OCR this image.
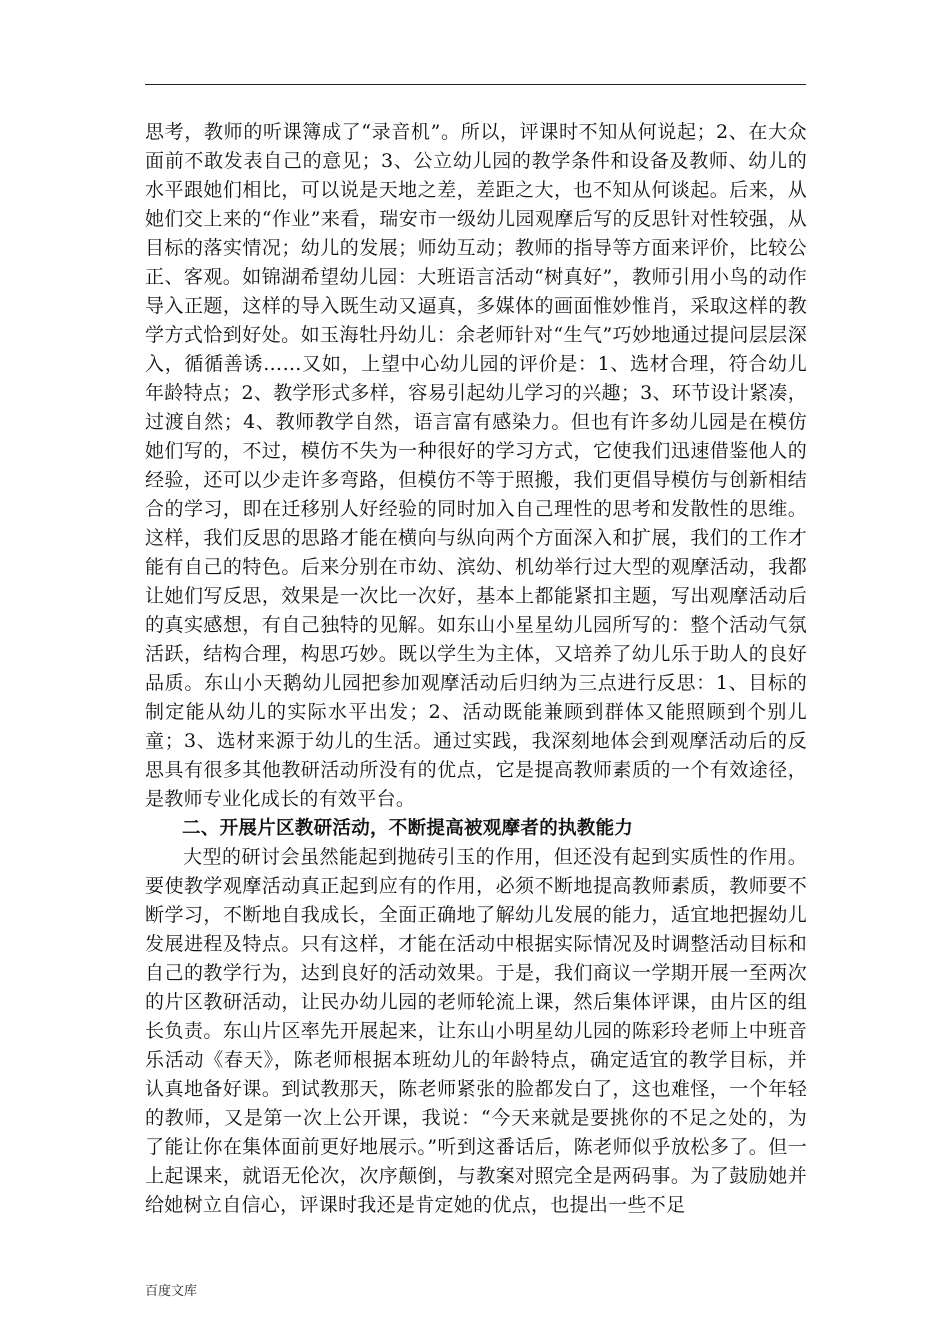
思考，教师的听课簿成了“录音机”。所以，评课时不知从何说起；2、在大众面前不敢发表自己的意见；3、公立幼儿园的教学条件和设备及教师、幼儿的水平跟她们相比，可以说是天地之差，差距之大，也不知从何谈起。后来，从她们交上来的“作业”来看，瑞安市一级幼儿园观摩后写的反思针对性较强，从目标的落实情况；幼儿的发展；师幼互动；教师的指导等方面来评价，比较公正、客观。如锦湖希望幼儿园：大班语言活动“树真好”，教师引用小鸟的动作导入正题，这样的导入既生动又逼真，多媒体的画面惟妙惟肖，采取这样的教学方式恰到好处。如玉海牡丹幼儿：余老师针对“生气”巧妙地通过提问层层深入，循循善诱……又如，上望中心幼儿园的评价是：1、选材合理，符合幼儿年龄特点；2、教学形式多样，容易引起幼儿学习的兴趣；3、环节设计紧凑，过渡自然；4、教师教学自然，语言富有感染力。但也有许多幼儿园是在模仿她们写的，不过，模仿不失为一种很好的学习方式，它使我们迅速借鉴他人的经验，还可以少走许多弯路，但模仿不等于照搬，我们更倡导模仿与创新相结合的学习，即在迁移别人好经验的同时加入自己理性的思考和发散性的思维。这样，我们反思的思路才能在横向与纵向两个方面深入和扩展，我们的工作才能有自己的特色。后来分别在市幼、滨幼、机幼举行过大型的观摩活动，我都让她们写反思，效果是一次比一次好，基本上都能紧扣主题，写出观摩活动后的真实感想，有自己独特的见解。如东山小星星幼儿园所写的：整个活动气氛活跃，结构合理，构思巧妙。既以学生为主体，又培养了幼儿乐于助人的良好品质。东山小天鹅幼儿园把参加观摩活动后归纳为三点进行反思：1、目标的制定能从幼儿的实际水平出发；2、活动既能兼顾到群体又能照顾到个别儿童；3、选材来源于幼儿的生活。通过实践，我深刻地体会到观摩活动后的反思具有很多其他教研活动所没有的优点，它是提高教师素质的一个有效途径，是教师专业化成长的有效平台。

二、开展片区教研活动，不断提高被观摩者的执教能力

大型的研讨会虽然能起到抛砖引玉的作用，但还没有起到实质性的作用。要使教学观摩活动真正起到应有的作用，必须不断地提高教师素质，教师要不断学习，不断地自我成长，全面正确地了解幼儿发展的能力，适宜地把握幼儿发展进程及特点。只有这样，才能在活动中根据实际情况及时调整活动目标和自己的教学行为，达到良好的活动效果。于是，我们商议一学期开展一至两次的片区教研活动，让民办幼儿园的老师轮流上课，然后集体评课，由片区的组长负责。东山片区率先开展起来，让东山小明星幼儿园的陈彩玲老师上中班音乐活动《春天》，陈老师根据本班幼儿的年龄特点，确定适宜的教学目标，并认真地备好课。到试教那天，陈老师紧张的脸都发白了，这也难怪，一个年轻的教师，又是第一次上公开课，我说：“今天来就是要挑你的不足之处的，为了能让你在集体面前更好地展示。”听到这番话后，陈老师似乎放松多了。但一上起课来，就语无伦次，次序颠倒，与教案对照完全是两码事。为了鼓励她并给她树立自信心，评课时我还是肯定她的优点，也提出一些不足

百度文库
